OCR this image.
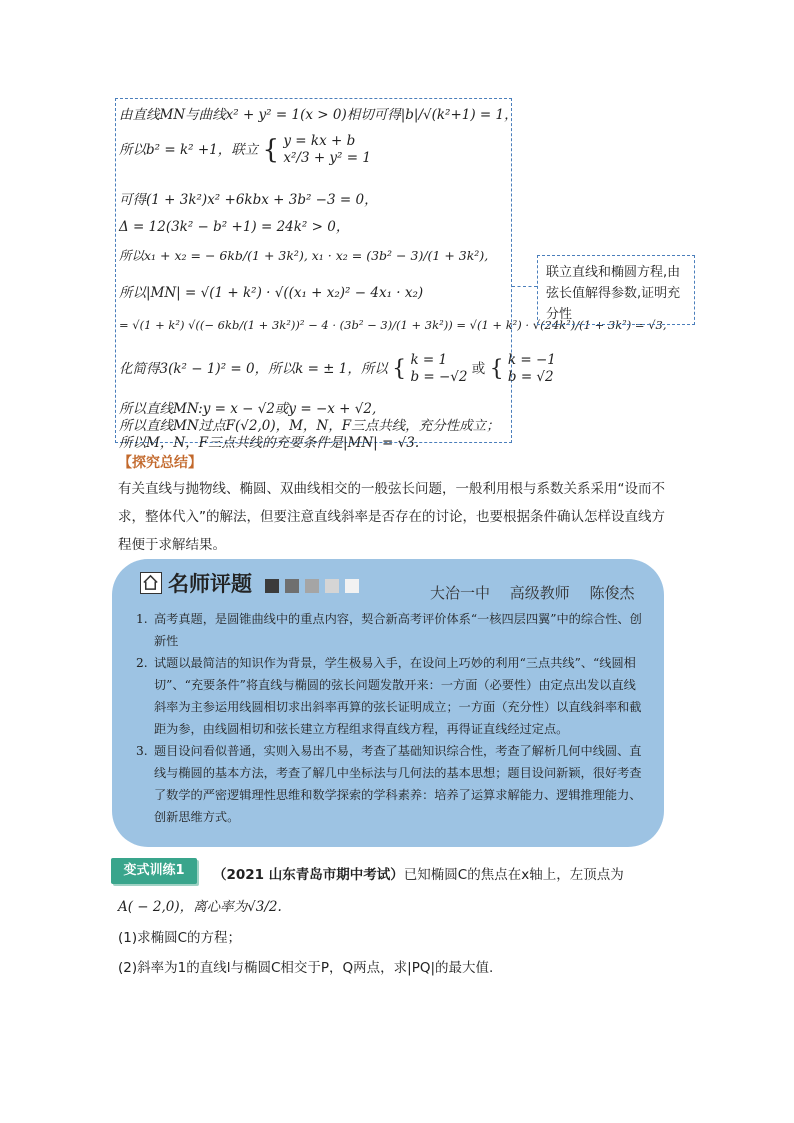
由直线MN与曲线x² + y² = 1(x > 0)相切可得|b|/√(k²+1) = 1，
所以b² = k² +1，联立 { y = kx + b
x²/3 + y² = 1
可得(1 + 3k²)x² +6kbx + 3b² −3 = 0，
Δ = 12(3k² − b² +1) = 24k² > 0，
所以x₁ + x₂ = − 6kb/(1 + 3k²), x₁ · x₂ = (3b² − 3)/(1 + 3k²),
所以|MN| = √(1 + k²) · √((x₁ + x₂)² − 4x₁ · x₂)
= √(1 + k²) √((− 6kb/(1 + 3k²))² − 4 · (3b² − 3)/(1 + 3k²)) = √(1 + k²) · √(24k²)/(1 + 3k²) = √3,
化简得3(k² − 1)² = 0，所以k = ± 1，所以 { k = 1
b = −√2 或 { k = −1
b = √2
所以直线MN:y = x − √2或y = −x + √2,
所以直线MN过点F(√2,0)，M，N，F三点共线，充分性成立；
所以M，N，F三点共线的充要条件是|MN| = √3.
联立直线和椭圆方程,由弦长值解得参数,证明充分性
【探究总结】
有关直线与抛物线、椭圆、双曲线相交的一般弦长问题，一般利用根与系数关系采用“设而不求，整体代入”的解法，但要注意直线斜率是否存在的讨论，也要根据条件确认怎样设直线方程便于求解结果。
名师评题	大冶一中　 高级教师　 陈俊杰
1. 高考真题，是圆锥曲线中的重点内容，契合新高考评价体系“一核四层四翼”中的综合性、创新性
2. 试题以最简洁的知识作为背景，学生极易入手，在设问上巧妙的利用“三点共线”、“线圆相切”、“充要条件”将直线与椭圆的弦长问题发散开来：一方面（必要性）由定点出发以直线斜率为主参运用线圆相切求出斜率再算的弦长证明成立；一方面（充分性）以直线斜率和截距为参，由线圆相切和弦长建立方程组求得直线方程，再得证直线经过定点。
3. 题目设问看似普通，实则入易出不易，考查了基础知识综合性，考查了解析几何中线圆、直线与椭圆的基本方法，考查了解几中坐标法与几何法的基本思想；题目设问新颖，很好考查了数学的严密逻辑理性思维和数学探索的学科素养：培养了运算求解能力、逻辑推理能力、创新思维方式。
变式训练1	（2021 山东青岛市期中考试）已知椭圆C的焦点在x轴上，左顶点为
A( − 2,0)，离心率为√3/2.
(1)求椭圆C的方程；
(2)斜率为1的直线l与椭圆C相交于P，Q两点，求|PQ|的最大值.
